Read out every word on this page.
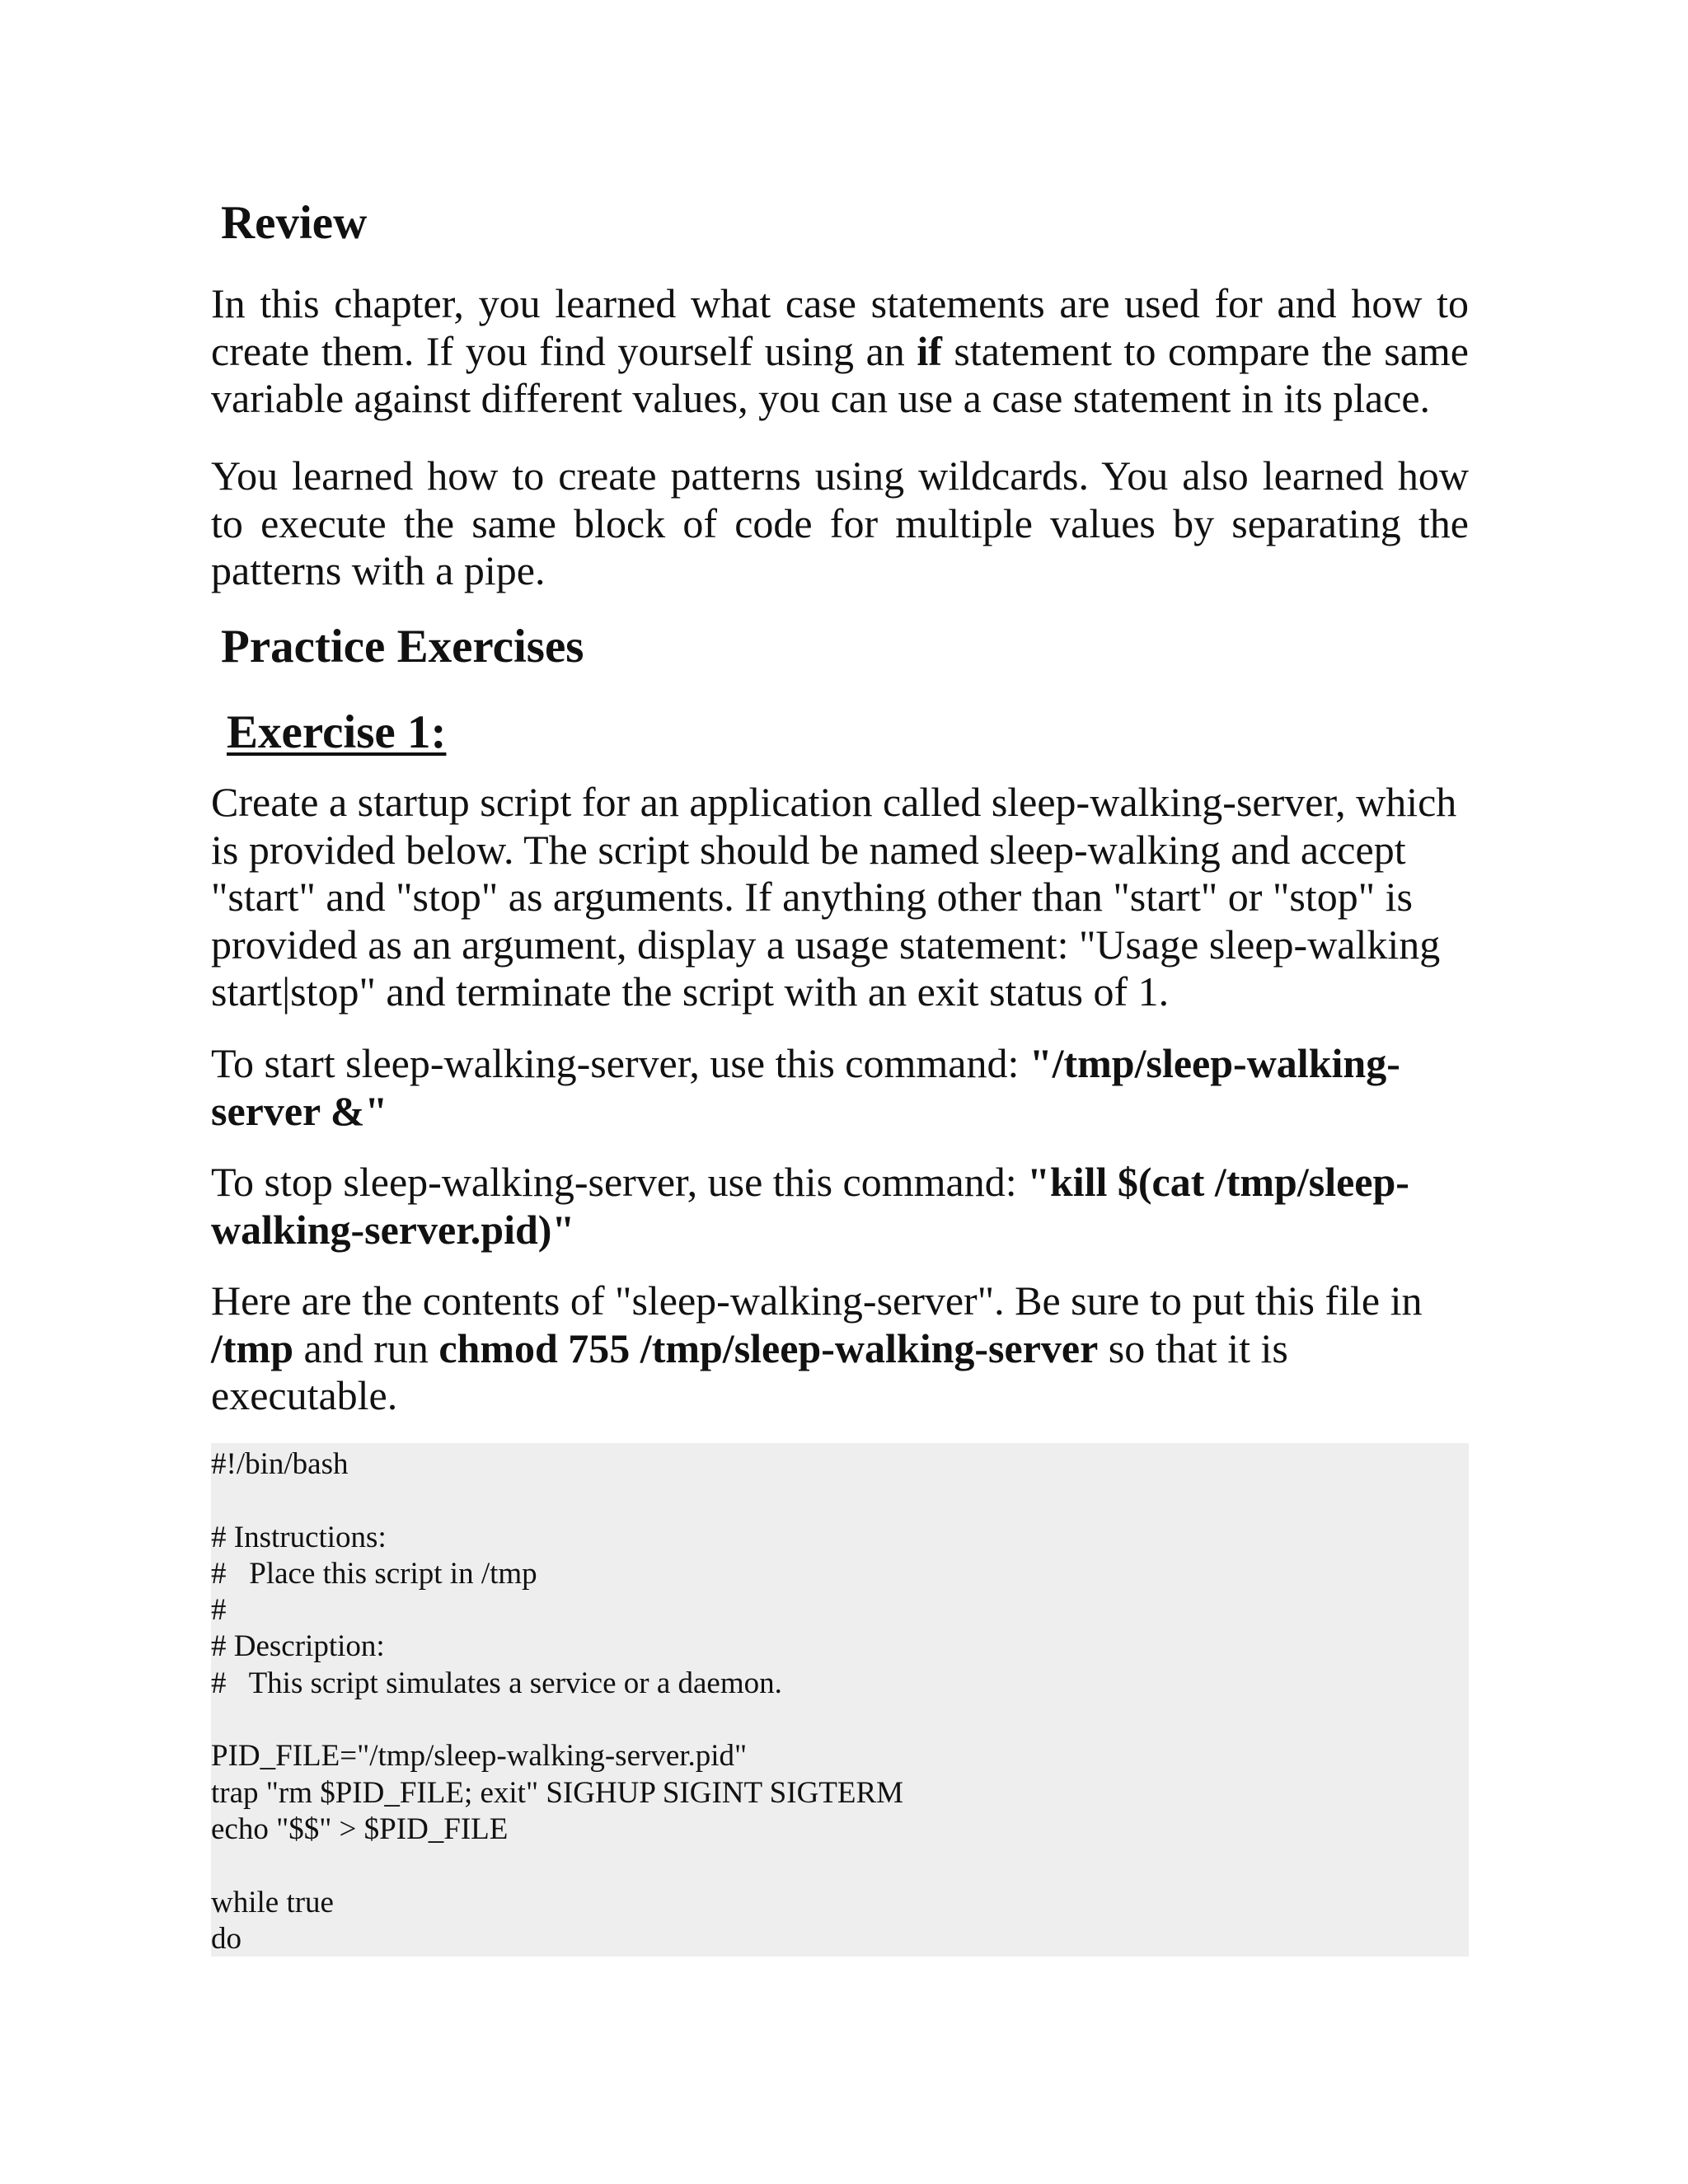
Review

In this chapter, you learned what case statements are used for and how to create them. If you find yourself using an if statement to compare the same variable against different values, you can use a case statement in its place.

You learned how to create patterns using wildcards. You also learned how to execute the same block of code for multiple values by separating the patterns with a pipe.

Practice Exercises
Exercise 1:

Create a startup script for an application called sleep-walking-server, which is provided below. The script should be named sleep-walking and accept "start" and "stop" as arguments. If anything other than "start" or "stop" is provided as an argument, display a usage statement: "Usage sleep-walking start|stop" and terminate the script with an exit status of 1.

To start sleep-walking-server, use this command: "/tmp/sleep-walking-server &"

To stop sleep-walking-server, use this command: "kill $(cat /tmp/sleep-walking-server.pid)"

Here are the contents of "sleep-walking-server". Be sure to put this file in /tmp and run chmod 755 /tmp/sleep-walking-server so that it is executable.

#!/bin/bash
# Instructions:
#   Place this script in /tmp
#
# Description:
#   This script simulates a service or a daemon.
PID_FILE="/tmp/sleep-walking-server.pid"
trap "rm $PID_FILE; exit" SIGHUP SIGINT SIGTERM
echo "$$" > $PID_FILE
while true
do
